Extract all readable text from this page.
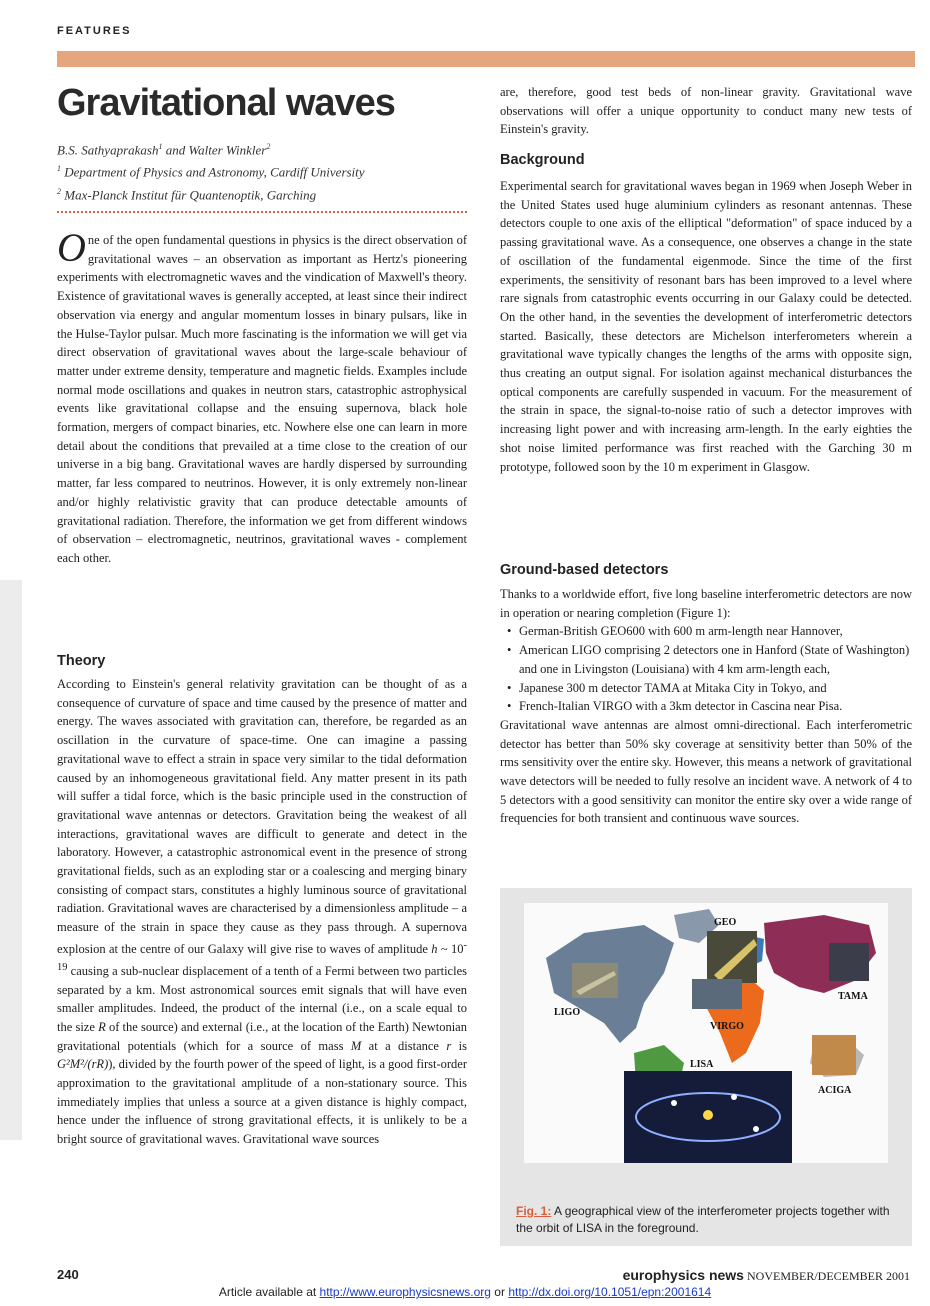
FEATURES
Gravitational waves
B.S. Sathyaprakash$^1$ and Walter Winkler$^2$
$^1$ Department of Physics and Astronomy, Cardiff University
$^2$ Max-Planck Institut für Quantenoptik, Garching

One of the open fundamental questions in physics is the direct observation of gravitational waves – an observation as important as Hertz's pioneering experiments with electromagnetic waves and the vindication of Maxwell's theory. Existence of gravitational waves is generally accepted, at least since their indirect observation via energy and angular momentum losses in binary pulsars, like in the Hulse-Taylor pulsar. Much more fascinating is the information we will get via direct observation of gravitational waves about the large-scale behaviour of matter under extreme density, temperature and magnetic fields. Examples include normal mode oscillations and quakes in neutron stars, catastrophic astrophysical events like gravitational collapse and the ensuing supernova, black hole formation, mergers of compact binaries, etc. Nowhere else one can learn in more detail about the conditions that prevailed at a time close to the creation of our universe in a big bang. Gravitational waves are hardly dispersed by surrounding matter, far less compared to neutrinos. However, it is only extremely non-linear and/or highly relativistic gravity that can produce detectable amounts of gravitational radiation. Therefore, the information we get from different windows of observation – electromagnetic, neutrinos, gravitational waves - complement each other.

Theory

According to Einstein's general relativity gravitation can be thought of as a consequence of curvature of space and time caused by the presence of matter and energy. The waves associated with gravitation can, therefore, be regarded as an oscillation in the curvature of space-time. One can imagine a passing gravitational wave to effect a strain in space very similar to the tidal deformation caused by an inhomogeneous gravitational field. Any matter present in its path will suffer a tidal force, which is the basic principle used in the construction of gravitational wave antennas or detectors. Gravitation being the weakest of all interactions, gravitational waves are difficult to generate and detect in the laboratory. However, a catastrophic astronomical event in the presence of strong gravitational fields, such as an exploding star or a coalescing and merging binary consisting of compact stars, constitutes a highly luminous source of gravitational radiation. Gravitational waves are characterised by a dimensionless amplitude – a measure of the strain in space they cause as they pass through. A supernova explosion at the centre of our Galaxy will give rise to waves of amplitude h ~ $10^{-19}$ causing a sub-nuclear displacement of a tenth of a Fermi between two particles separated by a km. Most astronomical sources emit signals that will have even smaller amplitudes. Indeed, the product of the internal (i.e., on a scale equal to the size R of the source) and external (i.e., at the location of the Earth) Newtonian gravitational potentials (which for a source of mass M at a distance r is G²M²/(rR)), divided by the fourth power of the speed of light, is a good first-order approximation to the gravitational amplitude of a non-stationary source. This immediately implies that unless a source at a given distance is highly compact, hence under the influence of strong gravitational effects, it is unlikely to be a bright source of gravitational waves. Gravitational wave sources

are, therefore, good test beds of non-linear gravity. Gravitational wave observations will offer a unique opportunity to conduct many new tests of Einstein's gravity.

Background

Experimental search for gravitational waves began in 1969 when Joseph Weber in the United States used huge aluminium cylinders as resonant antennas. These detectors couple to one axis of the elliptical "deformation" of space induced by a passing gravitational wave. As a consequence, one observes a change in the state of oscillation of the fundamental eigenmode. Since the time of the first experiments, the sensitivity of resonant bars has been improved to a level where rare signals from catastrophic events occurring in our Galaxy could be detected. On the other hand, in the seventies the development of interferometric detectors started. Basically, these detectors are Michelson interferometers wherein a gravitational wave typically changes the lengths of the arms with opposite sign, thus creating an output signal. For isolation against mechanical disturbances the optical components are carefully suspended in vacuum. For the measurement of the strain in space, the signal-to-noise ratio of such a detector improves with increasing light power and with increasing arm-length. In the early eighties the shot noise limited performance was first reached with the Garching 30 m prototype, followed soon by the 10 m experiment in Glasgow.

Ground-based detectors

Thanks to a worldwide effort, five long baseline interferometric detectors are now in operation or nearing completion (Figure 1):

• German-British GEO600 with 600 m arm-length near Hannover,
• American LIGO comprising 2 detectors one in Hanford (State of Washington) and one in Livingston (Louisiana) with 4 km arm-length each,
• Japanese 300 m detector TAMA at Mitaka City in Tokyo, and
• French-Italian VIRGO with a 3km detector in Cascina near Pisa.

Gravitational wave antennas are almost omni-directional. Each interferometric detector has better than 50% sky coverage at sensitivity better than 50% of the rms sensitivity over the entire sky. However, this means a network of gravitational wave detectors will be needed to fully resolve an incident wave. A network of 4 to 5 detectors with a good sensitivity can monitor the entire sky over a wide range of frequencies for both transient and continuous wave sources.

GEO
LIGO
TAMA
VIRGO
LISA
ACIGA
Fig. 1: A geographical view of the interferometer projects together with the orbit of LISA in the foreground.
240	europhysics news NOVEMBER/DECEMBER 2001
Article available at http://www.europhysicsnews.org or http://dx.doi.org/10.1051/epn:2001614
